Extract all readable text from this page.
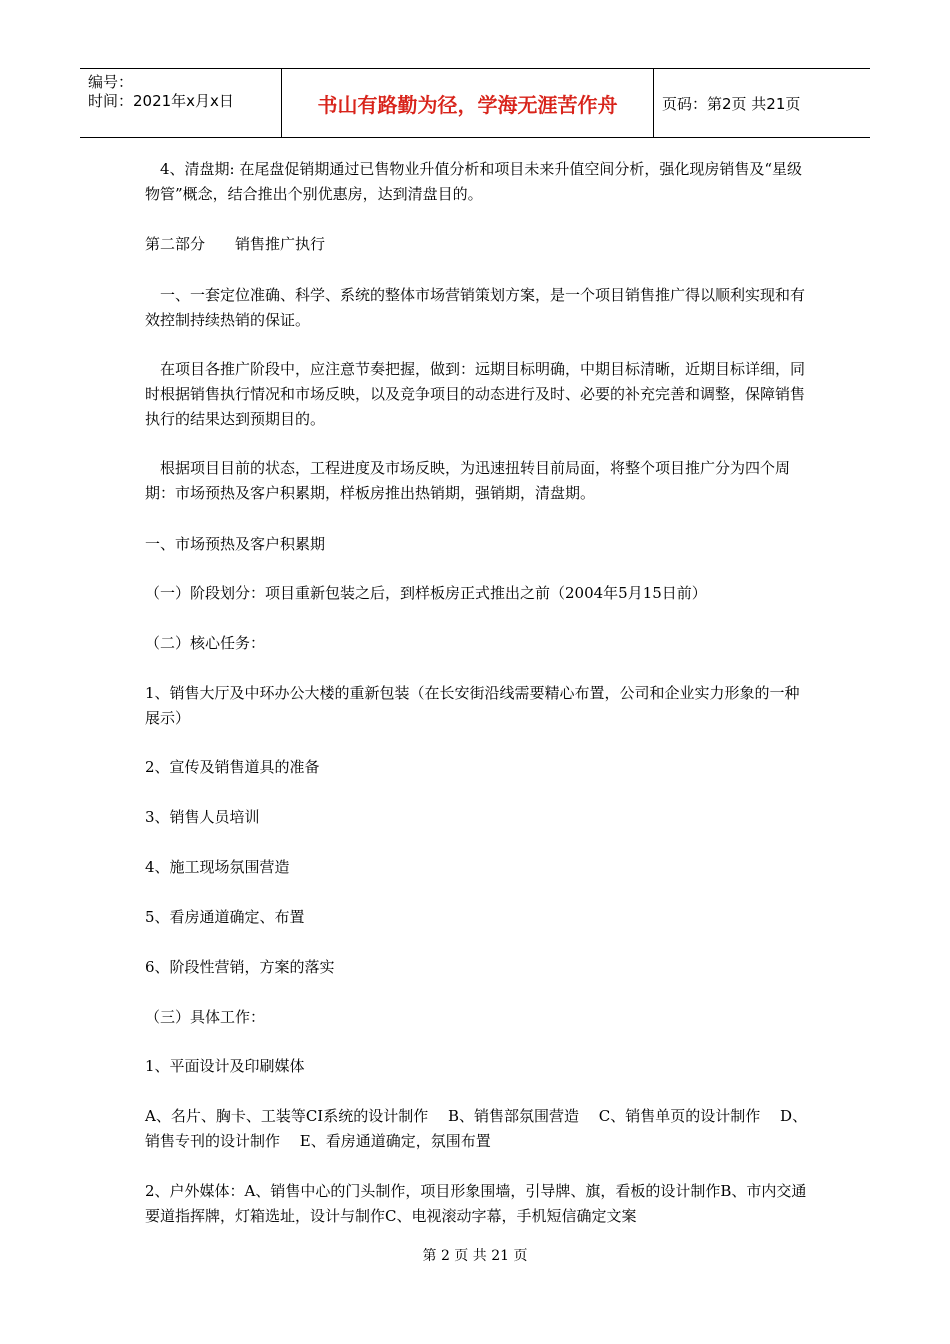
编号：
时间：2021年x月x日	书山有路勤为径，学海无涯苦作舟	页码：第2页 共21页

　4、清盘期: 在尾盘促销期通过已售物业升值分析和项目未来升值空间分析，强化现房销售及“星级物管”概念，结合推出个别优惠房，达到清盘目的。

第二部分　　销售推广执行

　一、一套定位准确、科学、系统的整体市场营销策划方案，是一个项目销售推广得以顺利实现和有效控制持续热销的保证。

　在项目各推广阶段中，应注意节奏把握，做到：远期目标明确，中期目标清晰，近期目标详细，同时根据销售执行情况和市场反映，以及竞争项目的动态进行及时、必要的补充完善和调整，保障销售执行的结果达到预期目的。

　根据项目目前的状态，工程进度及市场反映，为迅速扭转目前局面，将整个项目推广分为四个周期：市场预热及客户积累期，样板房推出热销期，强销期，清盘期。

一、市场预热及客户积累期

（一）阶段划分：项目重新包装之后，到样板房正式推出之前（2004年5月15日前）

（二）核心任务：

1、销售大厅及中环办公大楼的重新包装（在长安街沿线需要精心布置，公司和企业实力形象的一种展示）

2、宣传及销售道具的准备

3、销售人员培训

4、施工现场氛围营造

5、看房通道确定、布置

6、阶段性营销，方案的落实

（三）具体工作：

1、平面设计及印刷媒体

A、名片、胸卡、工装等CI系统的设计制作　 B、销售部氛围营造　 C、销售单页的设计制作　 D、销售专刊的设计制作　 E、看房通道确定，氛围布置

2、户外媒体：A、销售中心的门头制作，项目形象围墙，引导牌、旗，看板的设计制作B、市内交通要道指挥牌，灯箱选址，设计与制作C、电视滚动字幕，手机短信确定文案

第 2 页 共 21 页
